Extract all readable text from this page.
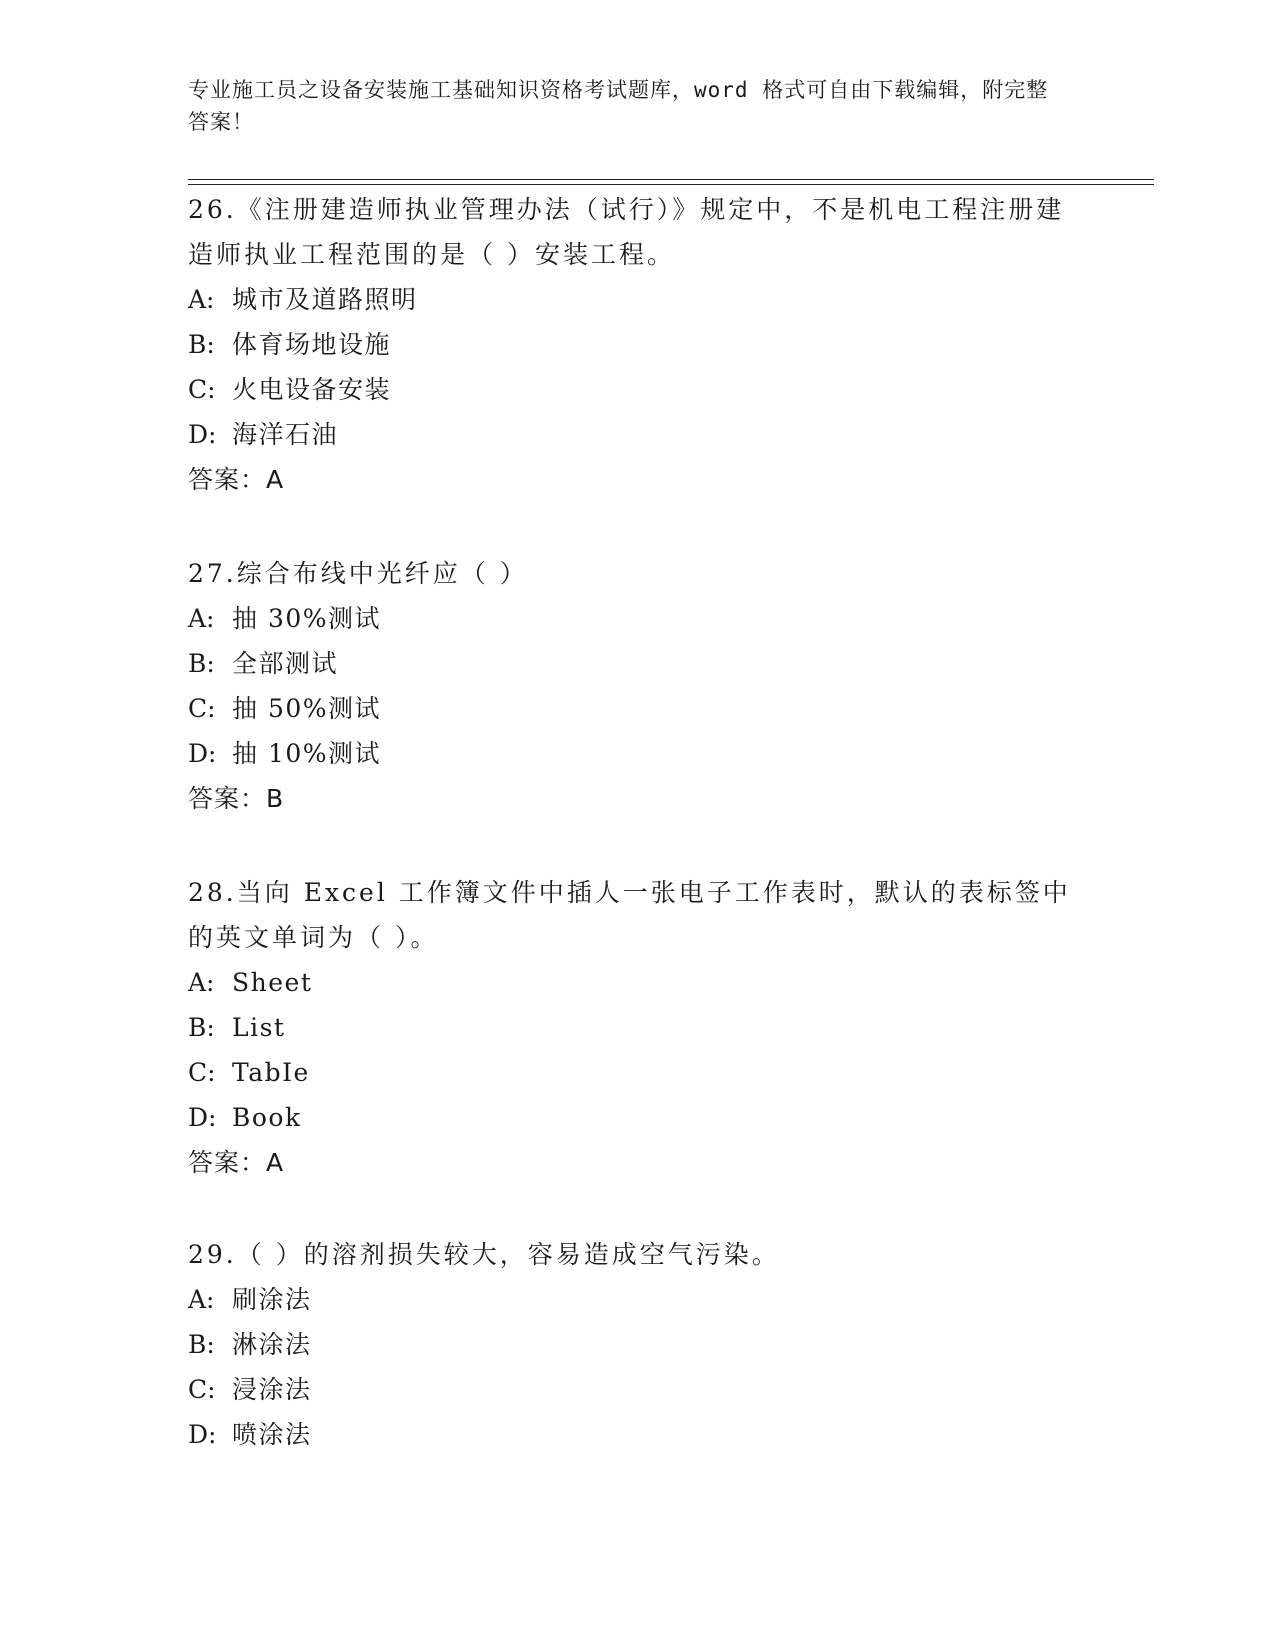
专业施工员之设备安装施工基础知识资格考试题库，word 格式可自由下载编辑，附完整答案！

26.《注册建造师执业管理办法（试行）》规定中，不是机电工程注册建造师执业工程范围的是（ ）安装工程。

A: 城市及道路照明
B: 体育场地设施
C: 火电设备安装
D: 海洋石油
答案：A

27.综合布线中光纤应（ ）

A: 抽 30%测试
B: 全部测试
C: 抽 50%测试
D: 抽 10%测试
答案：B

28.当向 Excel 工作簿文件中插人一张电子工作表时，默认的表标签中的英文单词为（ ）。

A: Sheet
B: List
C: TabIe
D: Book
答案：A

29.（ ）的溶剂损失较大，容易造成空气污染。

A: 刷涂法
B: 淋涂法
C: 浸涂法
D: 喷涂法
